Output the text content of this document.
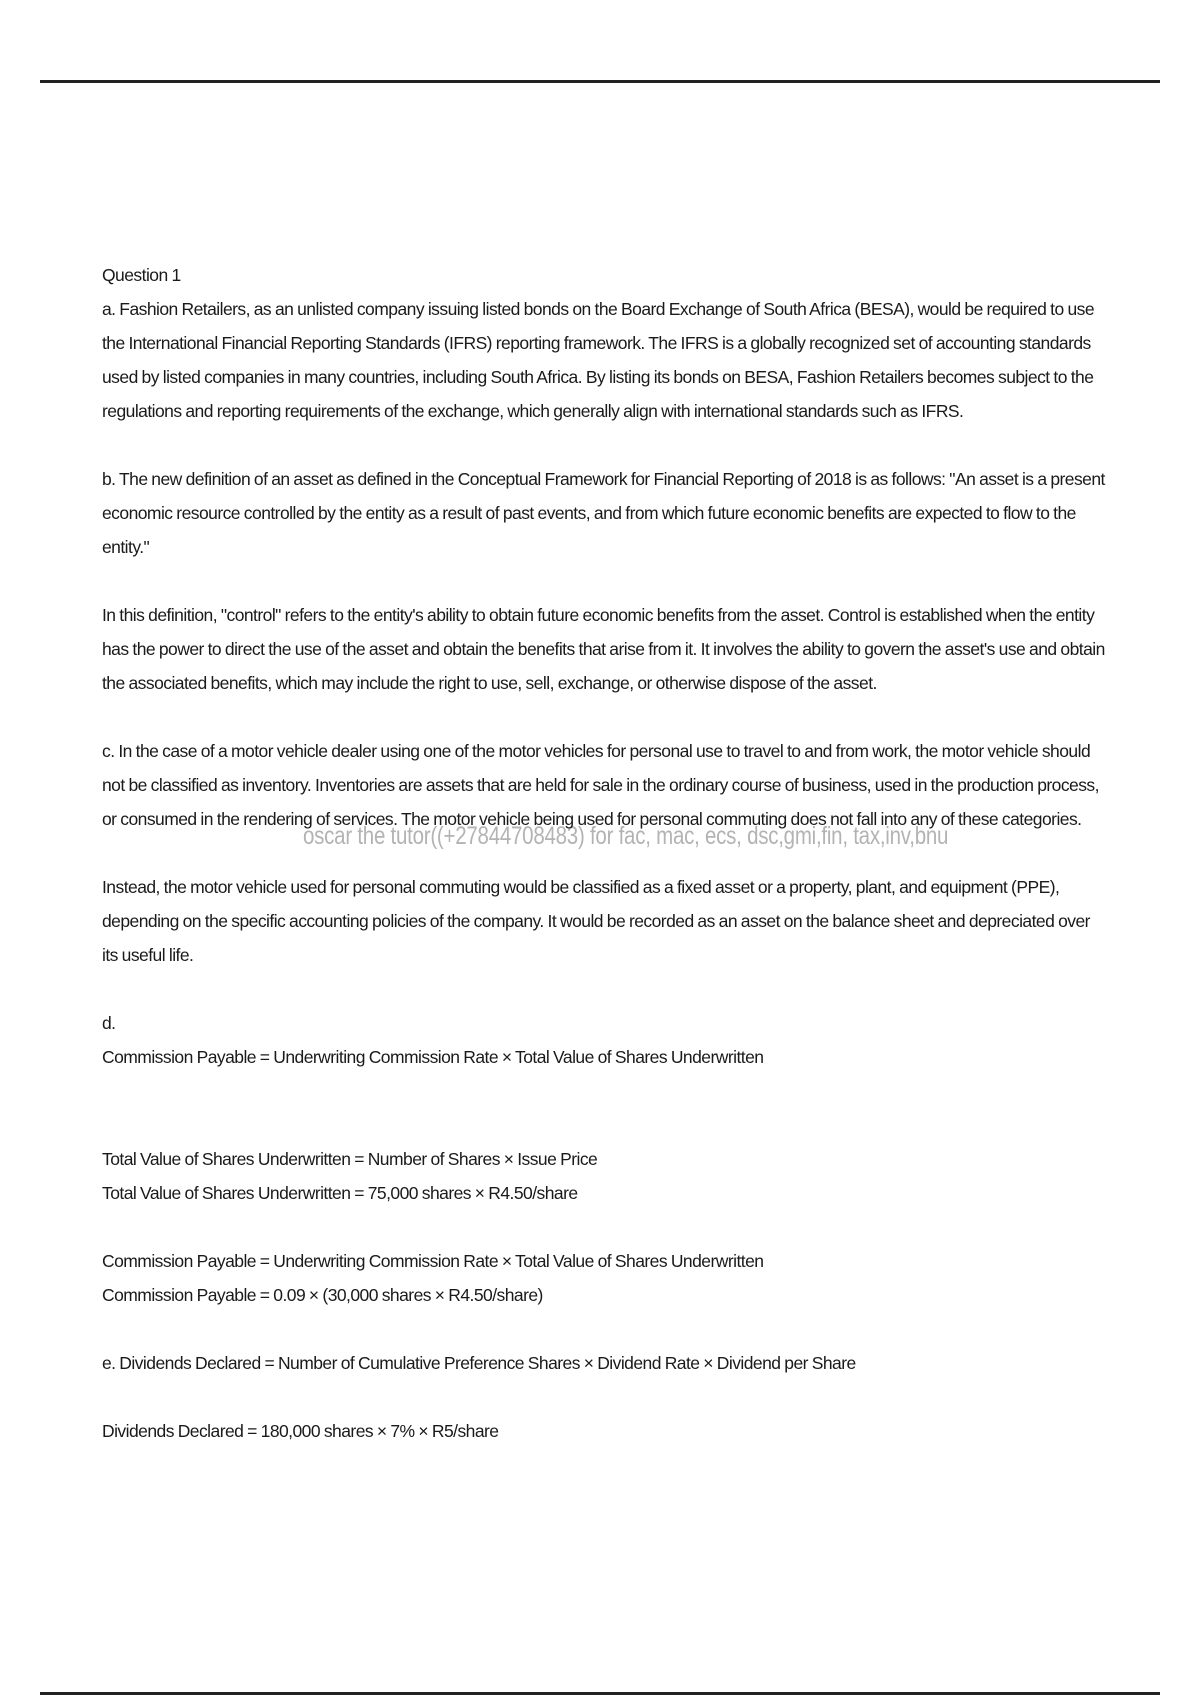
oscar the tutor((+27844708483) for fac, mac, ecs, dsc,gmi,fin, tax,inv,bnu

Question 1

a. Fashion Retailers, as an unlisted company issuing listed bonds on the Board Exchange of South Africa (BESA), would be required to use the International Financial Reporting Standards (IFRS) reporting framework. The IFRS is a globally recognized set of accounting standards used by listed companies in many countries, including South Africa. By listing its bonds on BESA, Fashion Retailers becomes subject to the regulations and reporting requirements of the exchange, which generally align with international standards such as IFRS.

b. The new definition of an asset as defined in the Conceptual Framework for Financial Reporting of 2018 is as follows: "An asset is a present economic resource controlled by the entity as a result of past events, and from which future economic benefits are expected to flow to the entity."

In this definition, "control" refers to the entity's ability to obtain future economic benefits from the asset. Control is established when the entity has the power to direct the use of the asset and obtain the benefits that arise from it. It involves the ability to govern the asset's use and obtain the associated benefits, which may include the right to use, sell, exchange, or otherwise dispose of the asset.

c. In the case of a motor vehicle dealer using one of the motor vehicles for personal use to travel to and from work, the motor vehicle should not be classified as inventory. Inventories are assets that are held for sale in the ordinary course of business, used in the production process, or consumed in the rendering of services. The motor vehicle being used for personal commuting does not fall into any of these categories.

Instead, the motor vehicle used for personal commuting would be classified as a fixed asset or a property, plant, and equipment (PPE), depending on the specific accounting policies of the company. It would be recorded as an asset on the balance sheet and depreciated over its useful life.

d.

Commission Payable = Underwriting Commission Rate × Total Value of Shares Underwritten

Total Value of Shares Underwritten = Number of Shares × Issue Price

Total Value of Shares Underwritten = 75,000 shares × R4.50/share

Commission Payable = Underwriting Commission Rate × Total Value of Shares Underwritten

Commission Payable = 0.09 × (30,000 shares × R4.50/share)

e. Dividends Declared = Number of Cumulative Preference Shares × Dividend Rate × Dividend per Share

Dividends Declared = 180,000 shares × 7% × R5/share
